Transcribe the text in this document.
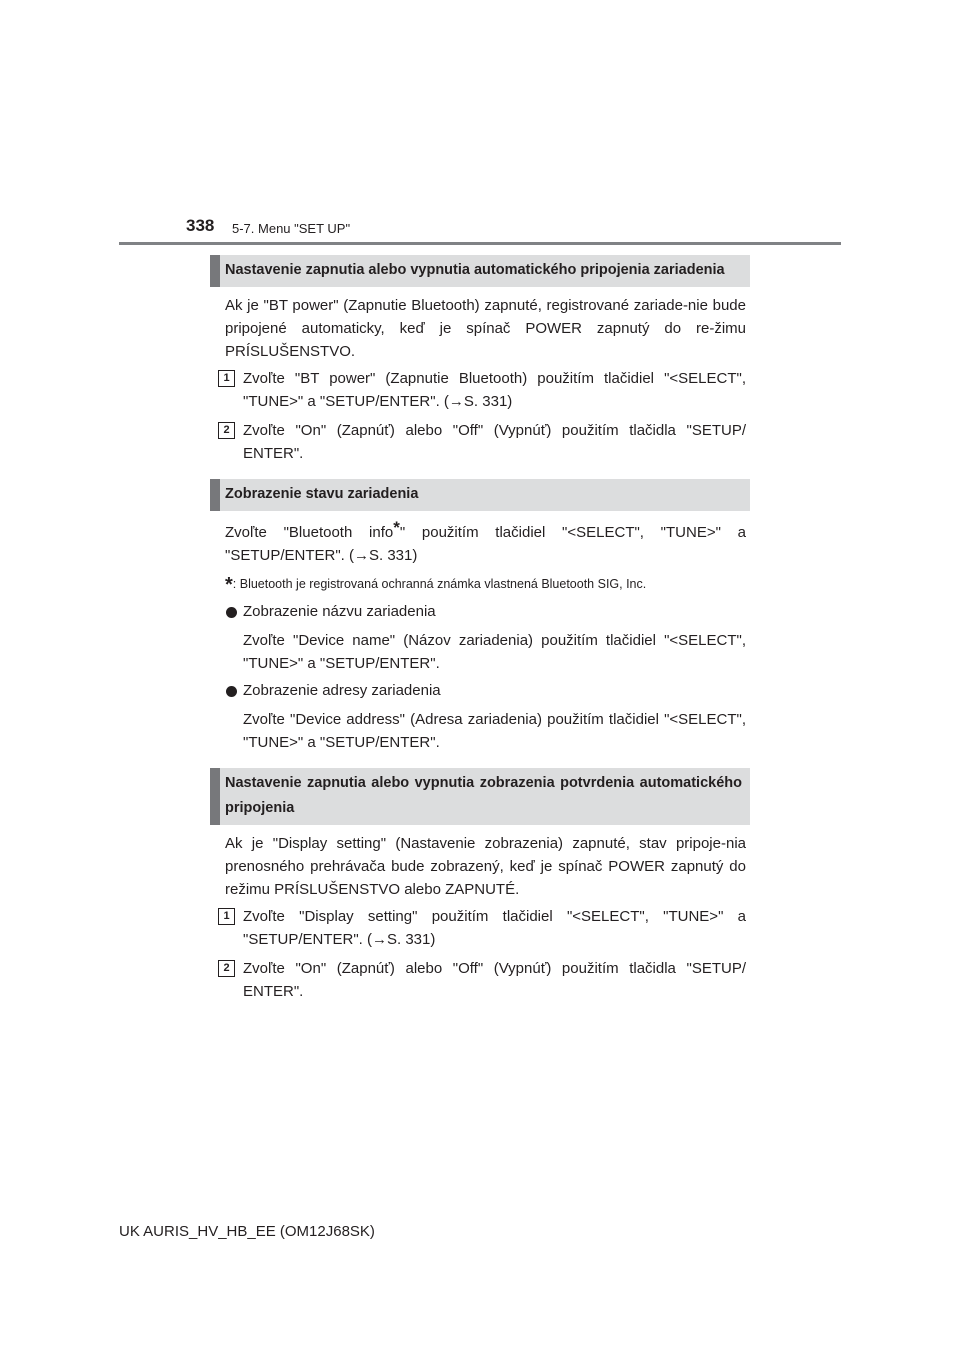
338 5-7. Menu "SET UP"
Nastavenie zapnutia alebo vypnutia automatického pripojenia zariadenia

Ak je "BT power" (Zapnutie Bluetooth) zapnuté, registrované zariade-nie bude pripojené automaticky, keď je spínač POWER zapnutý do re-žimu PRÍSLUŠENSTVO.

1 Zvoľte "BT power" (Zapnutie Bluetooth) použitím tlačidiel "<SELECT", "TUNE>" a "SETUP/ENTER". (→S. 331)
2 Zvoľte "On" (Zapnúť) alebo "Off" (Vypnúť) použitím tlačidla "SETUP/ ENTER".
Zobrazenie stavu zariadenia

Zvoľte "Bluetooth info*" použitím tlačidiel "<SELECT", "TUNE>" a "SETUP/ENTER". (→S. 331)

*: Bluetooth je registrovaná ochranná známka vlastnená Bluetooth SIG, Inc.
Zobrazenie názvu zariadenia
Zvoľte "Device name" (Názov zariadenia) použitím tlačidiel "<SELECT", "TUNE>" a "SETUP/ENTER".
Zobrazenie adresy zariadenia
Zvoľte "Device address" (Adresa zariadenia) použitím tlačidiel "<SELECT", "TUNE>" a "SETUP/ENTER".
Nastavenie zapnutia alebo vypnutia zobrazenia potvrdenia automatického pripojenia

Ak je "Display setting" (Nastavenie zobrazenia) zapnuté, stav pripoje-nia prenosného prehrávača bude zobrazený, keď je spínač POWER zapnutý do režimu PRÍSLUŠENSTVO alebo ZAPNUTÉ.

1 Zvoľte "Display setting" použitím tlačidiel "<SELECT", "TUNE>" a "SETUP/ENTER". (→S. 331)
2 Zvoľte "On" (Zapnúť) alebo "Off" (Vypnúť) použitím tlačidla "SETUP/ ENTER".
UK AURIS_HV_HB_EE (OM12J68SK)
